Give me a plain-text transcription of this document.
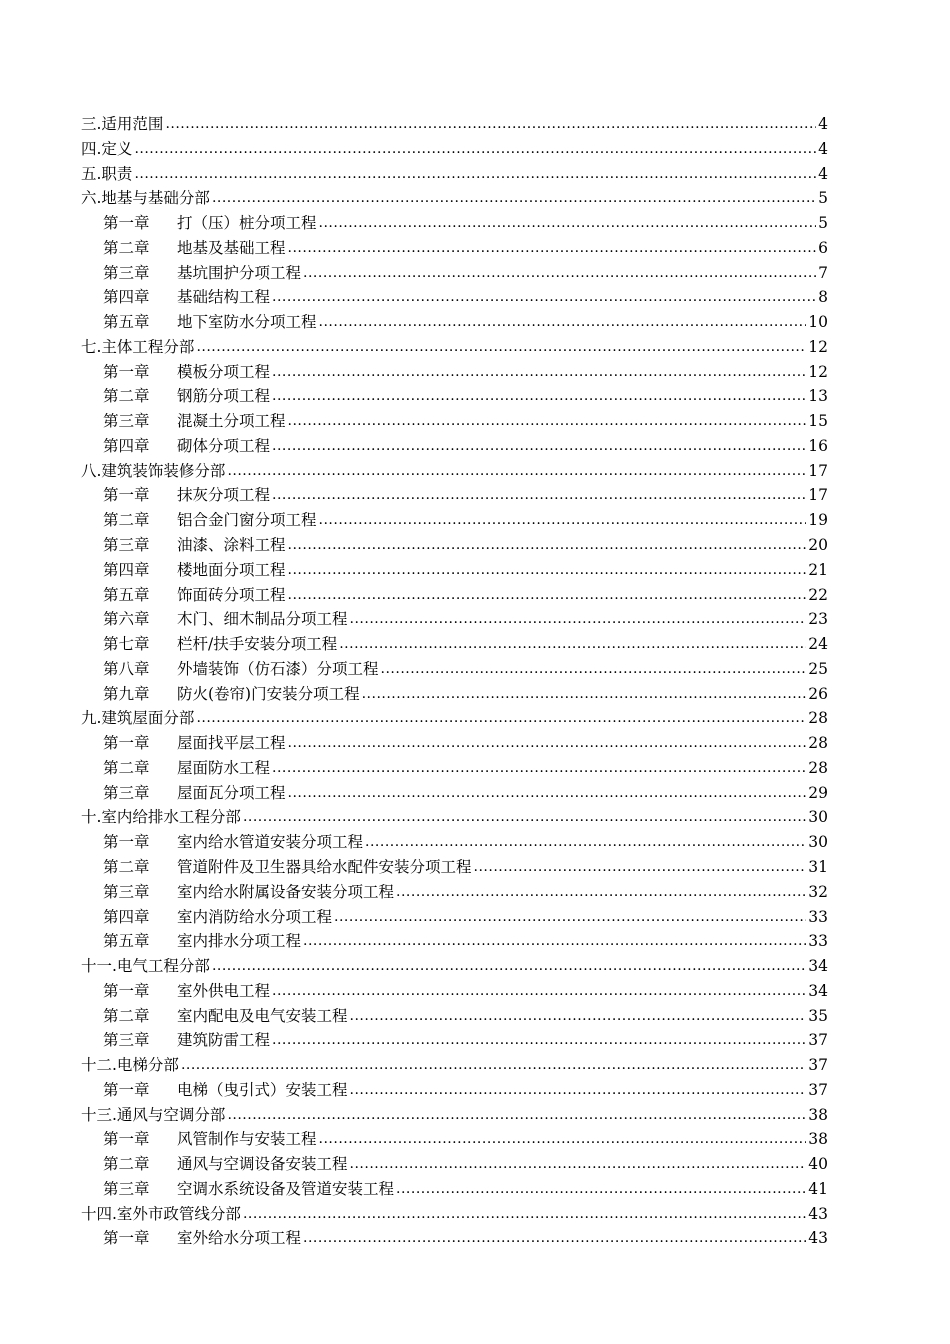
三.适用范围 .....	4
四.定义 .....	4
五.职责 .....	4
六.地基与基础分部 .....	5
第一章	打（压）桩分项工程 .....	5
第二章	地基及基础工程 .....	6
第三章	基坑围护分项工程 .....	7
第四章	基础结构工程 .....	8
第五章	地下室防水分项工程 .....	10
七.主体工程分部 .....	12
第一章	模板分项工程 .....	12
第二章	钢筋分项工程 .....	13
第三章	混凝土分项工程 .....	15
第四章	砌体分项工程 .....	16
八.建筑装饰装修分部 .....	17
第一章	抹灰分项工程 .....	17
第二章	铝合金门窗分项工程 .....	19
第三章	油漆、涂料工程 .....	20
第四章	楼地面分项工程 .....	21
第五章	饰面砖分项工程 .....	22
第六章	木门、细木制品分项工程 .....	23
第七章	栏杆/扶手安装分项工程 .....	24
第八章	外墙装饰（仿石漆）分项工程 .....	25
第九章	防火(卷帘)门安装分项工程 .....	26
九.建筑屋面分部 .....	28
第一章	屋面找平层工程 .....	28
第二章	屋面防水工程 .....	28
第三章	屋面瓦分项工程 .....	29
十.室内给排水工程分部 .....	30
第一章	室内给水管道安装分项工程 .....	30
第二章	管道附件及卫生器具给水配件安装分项工程 .....	31
第三章	室内给水附属设备安装分项工程 .....	32
第四章	室内消防给水分项工程 .....	33
第五章	室内排水分项工程 .....	33
十一.电气工程分部 .....	34
第一章	室外供电工程 .....	34
第二章	室内配电及电气安装工程 .....	35
第三章	建筑防雷工程 .....	37
十二.电梯分部 .....	37
第一章	电梯（曳引式）安装工程 .....	37
十三.通风与空调分部 .....	38
第一章	风管制作与安装工程 .....	38
第二章	通风与空调设备安装工程 .....	40
第三章	空调水系统设备及管道安装工程 .....	41
十四.室外市政管线分部 .....	43
第一章	室外给水分项工程 .....	43
